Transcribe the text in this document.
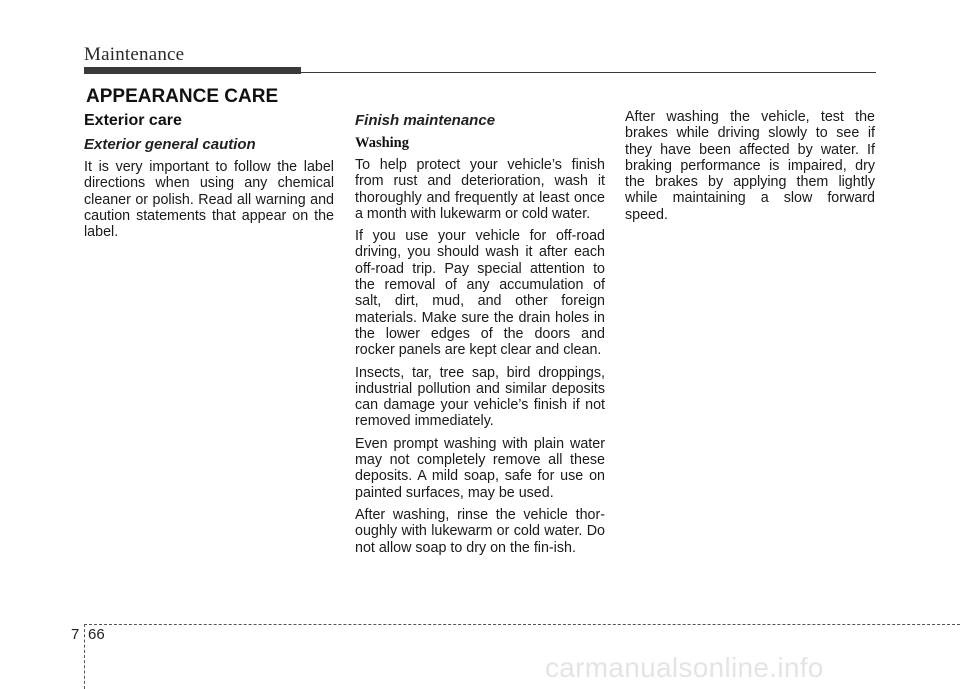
Maintenance
APPEARANCE CARE
Exterior care
Exterior general caution

It is very important to follow the label directions when using any chemical cleaner or polish. Read all warning and caution statements that appear on the label.

Finish maintenance
Washing

To help protect your vehicle’s finish from rust and deterioration, wash it thoroughly and frequently at least once a month with lukewarm or cold water.

If you use your vehicle for off-road driving, you should wash it after each off-road trip. Pay special attention to the removal of any accumulation of salt, dirt, mud, and other foreign materials. Make sure the drain holes in the lower edges of the doors and rocker panels are kept clear and clean.

Insects, tar, tree sap, bird droppings, industrial pollution and similar deposits can damage your vehicle’s finish if not removed immediately.

Even prompt washing with plain water may not completely remove all these deposits. A mild soap, safe for use on painted surfaces, may be used.

After washing, rinse the vehicle thor-oughly with lukewarm or cold water. Do not allow soap to dry on the fin-ish.

After washing the vehicle, test the brakes while driving slowly to see if they have been affected by water. If braking performance is impaired, dry the brakes by applying them lightly while maintaining a slow forward speed.

7 66
carmanualsonline.info
